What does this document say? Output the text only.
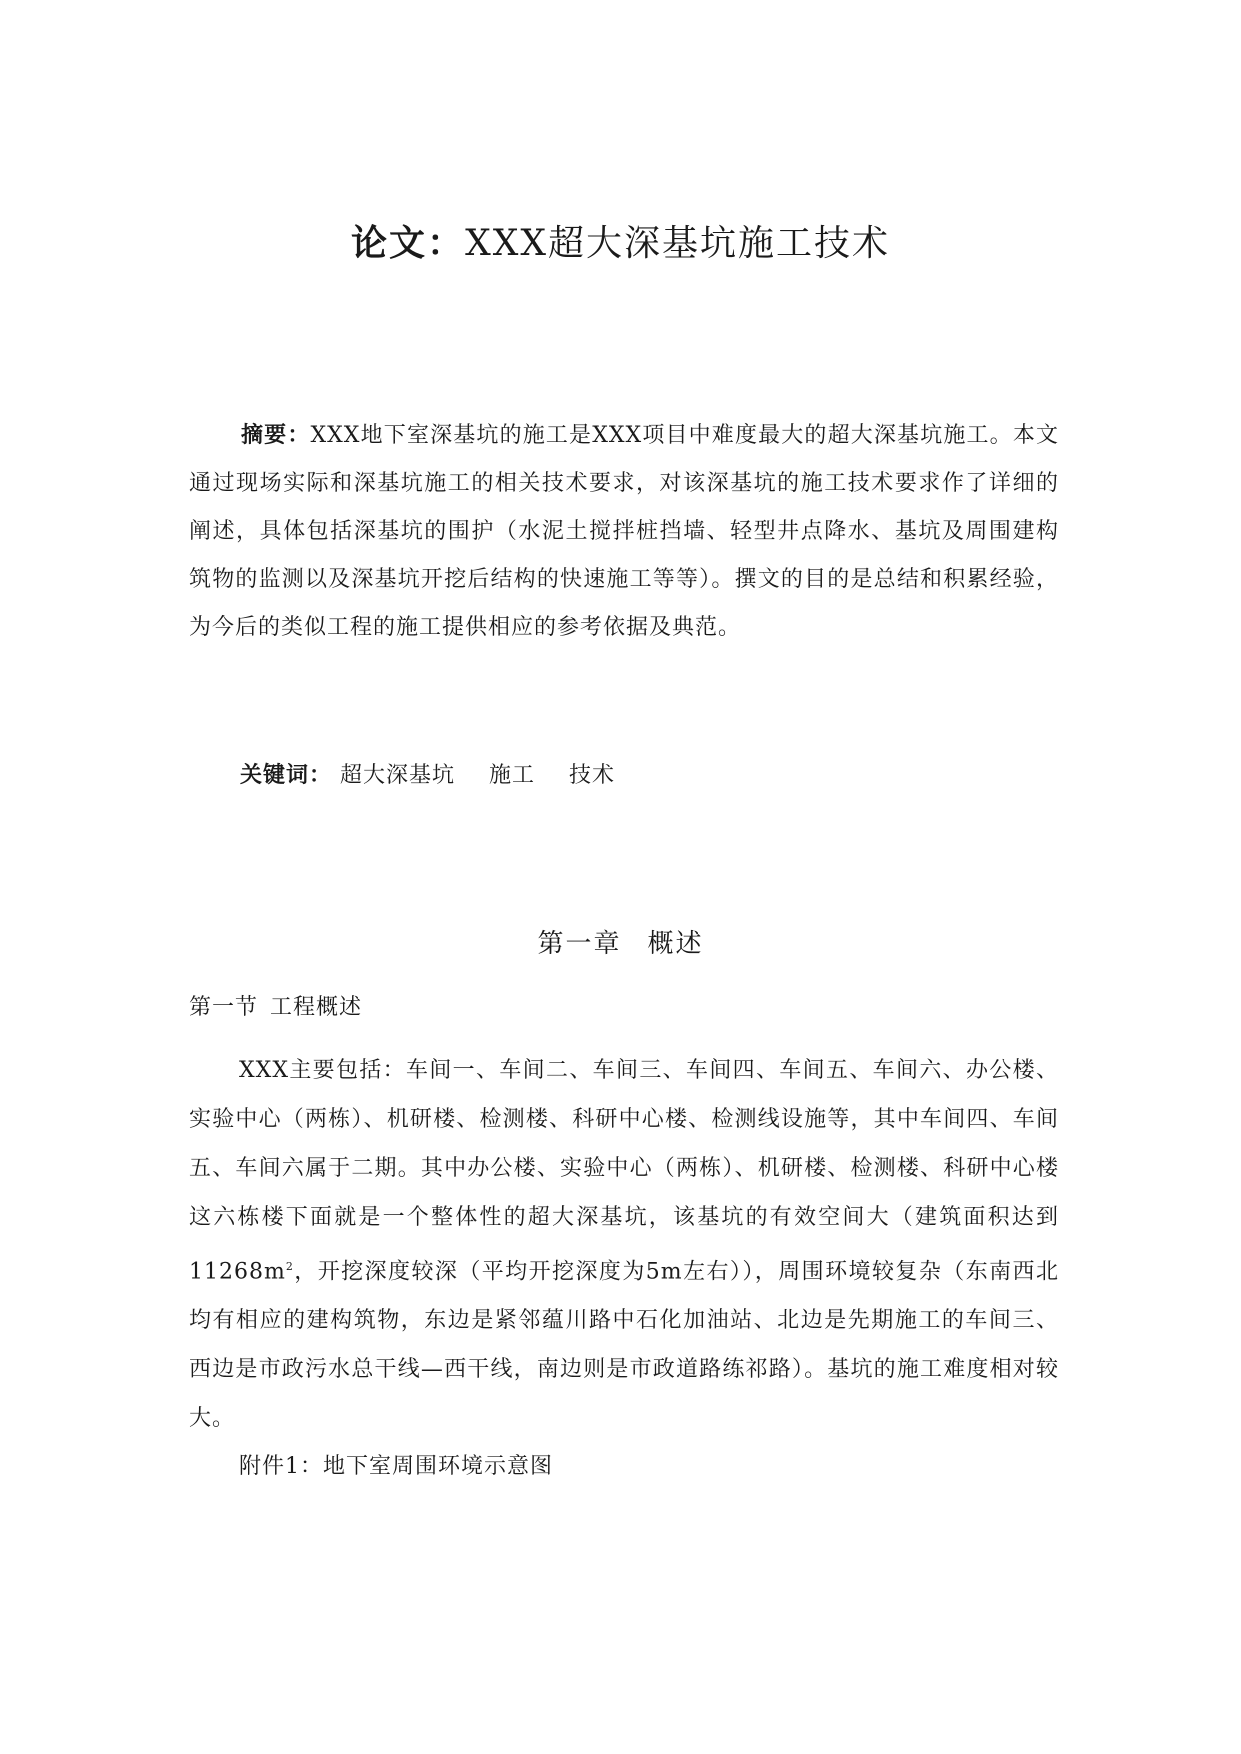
论文：XXX超大深基坑施工技术
摘要：XXX地下室深基坑的施工是XXX项目中难度最大的超大深基坑施工。本文通过现场实际和深基坑施工的相关技术要求，对该深基坑的施工技术要求作了详细的阐述，具体包括深基坑的围护（水泥土搅拌桩挡墙、轻型井点降水、基坑及周围建构筑物的监测以及深基坑开挖后结构的快速施工等等）。撰文的目的是总结和积累经验，为今后的类似工程的施工提供相应的参考依据及典范。
关键词： 超大深基坑 施工 技术
第一章 概述
第一节 工程概述
XXX主要包括：车间一、车间二、车间三、车间四、车间五、车间六、办公楼、实验中心（两栋）、机研楼、检测楼、科研中心楼、检测线设施等，其中车间四、车间五、车间六属于二期。其中办公楼、实验中心（两栋）、机研楼、检测楼、科研中心楼这六栋楼下面就是一个整体性的超大深基坑，该基坑的有效空间大（建筑面积达到$11268m^2$，开挖深度较深（平均开挖深度为5m左右）），周围环境较复杂（东南西北均有相应的建构筑物，东边是紧邻蕴川路中石化加油站、北边是先期施工的车间三、西边是市政污水总干线—西干线，南边则是市政道路练祁路）。基坑的施工难度相对较大。
附件1：地下室周围环境示意图
